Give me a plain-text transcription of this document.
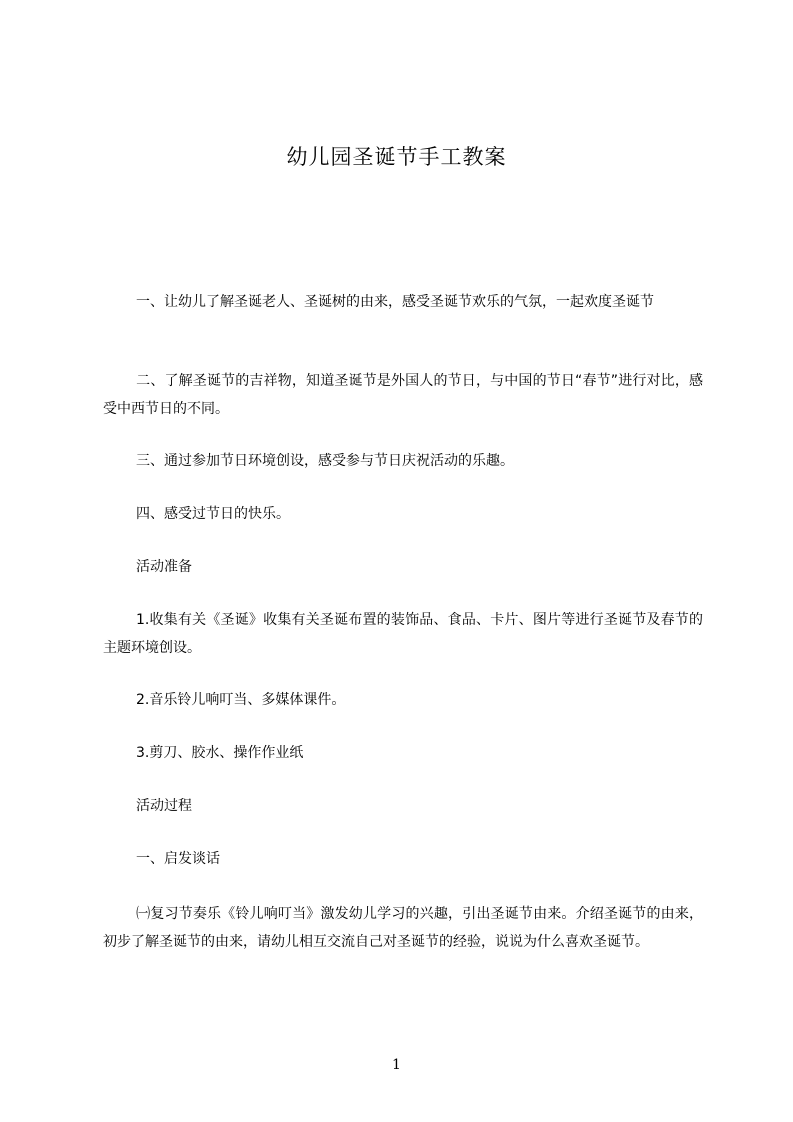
幼儿园圣诞节手工教案
一、让幼儿了解圣诞老人、圣诞树的由来，感受圣诞节欢乐的气氛，一起欢度圣诞节
二、了解圣诞节的吉祥物，知道圣诞节是外国人的节日，与中国的节日“春节”进行对比，感受中西节日的不同。
三、通过参加节日环境创设，感受参与节日庆祝活动的乐趣。
四、感受过节日的快乐。
活动准备
1.收集有关《圣诞》收集有关圣诞布置的装饰品、食品、卡片、图片等进行圣诞节及春节的主题环境创设。
2.音乐铃儿响叮当、多媒体课件。
3.剪刀、胶水、操作作业纸
活动过程
一、启发谈话
㈠复习节奏乐《铃儿响叮当》激发幼儿学习的兴趣，引出圣诞节由来。介绍圣诞节的由来，初步了解圣诞节的由来，请幼儿相互交流自己对圣诞节的经验，说说为什么喜欢圣诞节。
1
